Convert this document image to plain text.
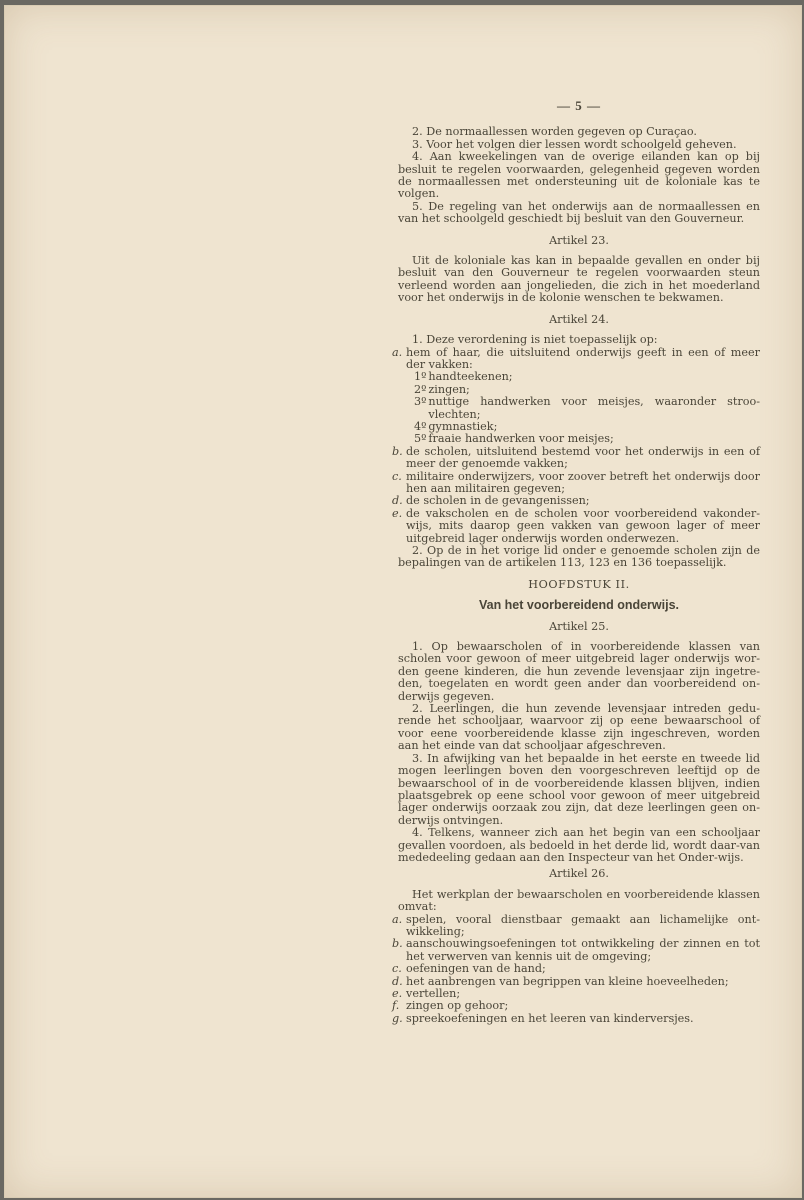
— 5 —

2. De normaallessen worden gegeven op Curaçao.

3. Voor het volgen dier lessen wordt schoolgeld geheven.

4. Aan kweekelingen van de overige eilanden kan op bij besluit te regelen voorwaarden, gelegenheid gegeven worden de normaallessen met ondersteuning uit de koloniale kas te volgen.

5. De regeling van het onderwijs aan de normaallessen en van het schoolgeld geschiedt bij besluit van den Gouverneur.

Artikel 23.

Uit de koloniale kas kan in bepaalde gevallen en onder bij besluit van den Gouverneur te regelen voorwaarden steun verleend worden aan jongelieden, die zich in het moederland voor het onderwijs in de kolonie wenschen te bekwamen.

Artikel 24.

1. Deze verordening is niet toepasselijk op:

a. hem of haar, die uitsluitend onderwijs geeft in een of meer der vakken:
1º handteekenen;
2º zingen;
3º nuttige handwerken voor meisjes, waaronder stroo-vlechten;
4º gymnastiek;
5º fraaie handwerken voor meisjes;
b. de scholen, uitsluitend bestemd voor het onderwijs in een of meer der genoemde vakken;
c. militaire onderwijzers, voor zoover betreft het onderwijs door hen aan militairen gegeven;
d. de scholen in de gevangenissen;
e. de vakscholen en de scholen voor voorbereidend vakonder-wijs, mits daarop geen vakken van gewoon lager of meer uitgebreid lager onderwijs worden onderwezen.

2. Op de in het vorige lid onder e genoemde scholen zijn de bepalingen van de artikelen 113, 123 en 136 toepasselijk.

HOOFDSTUK II.
Van het voorbereidend onderwijs.
Artikel 25.

1. Op bewaarscholen of in voorbereidende klassen van scholen voor gewoon of meer uitgebreid lager onderwijs wor-den geene kinderen, die hun zevende levensjaar zijn ingetre-den, toegelaten en wordt geen ander dan voorbereidend on-derwijs gegeven.

2. Leerlingen, die hun zevende levensjaar intreden gedu-rende het schooljaar, waarvoor zij op eene bewaarschool of voor eene voorbereidende klasse zijn ingeschreven, worden aan het einde van dat schooljaar afgeschreven.

3. In afwijking van het bepaalde in het eerste en tweede lid mogen leerlingen boven den voorgeschreven leeftijd op de bewaarschool of in de voorbereidende klassen blijven, indien plaatsgebrek op eene school voor gewoon of meer uitgebreid lager onderwijs oorzaak zou zijn, dat deze leerlingen geen on-derwijs ontvingen.

4. Telkens, wanneer zich aan het begin van een schooljaar gevallen voordoen, als bedoeld in het derde lid, wordt daar-van mededeeling gedaan aan den Inspecteur van het Onder-wijs.

Artikel 26.

Het werkplan der bewaarscholen en voorbereidende klassen omvat:

a. spelen, vooral dienstbaar gemaakt aan lichamelijke ont-wikkeling;
b. aanschouwingsoefeningen tot ontwikkeling der zinnen en tot het verwerven van kennis uit de omgeving;
c. oefeningen van de hand;
d. het aanbrengen van begrippen van kleine hoeveelheden;
e. vertellen;
f. zingen op gehoor;
g. spreekoefeningen en het leeren van kinderversjes.
